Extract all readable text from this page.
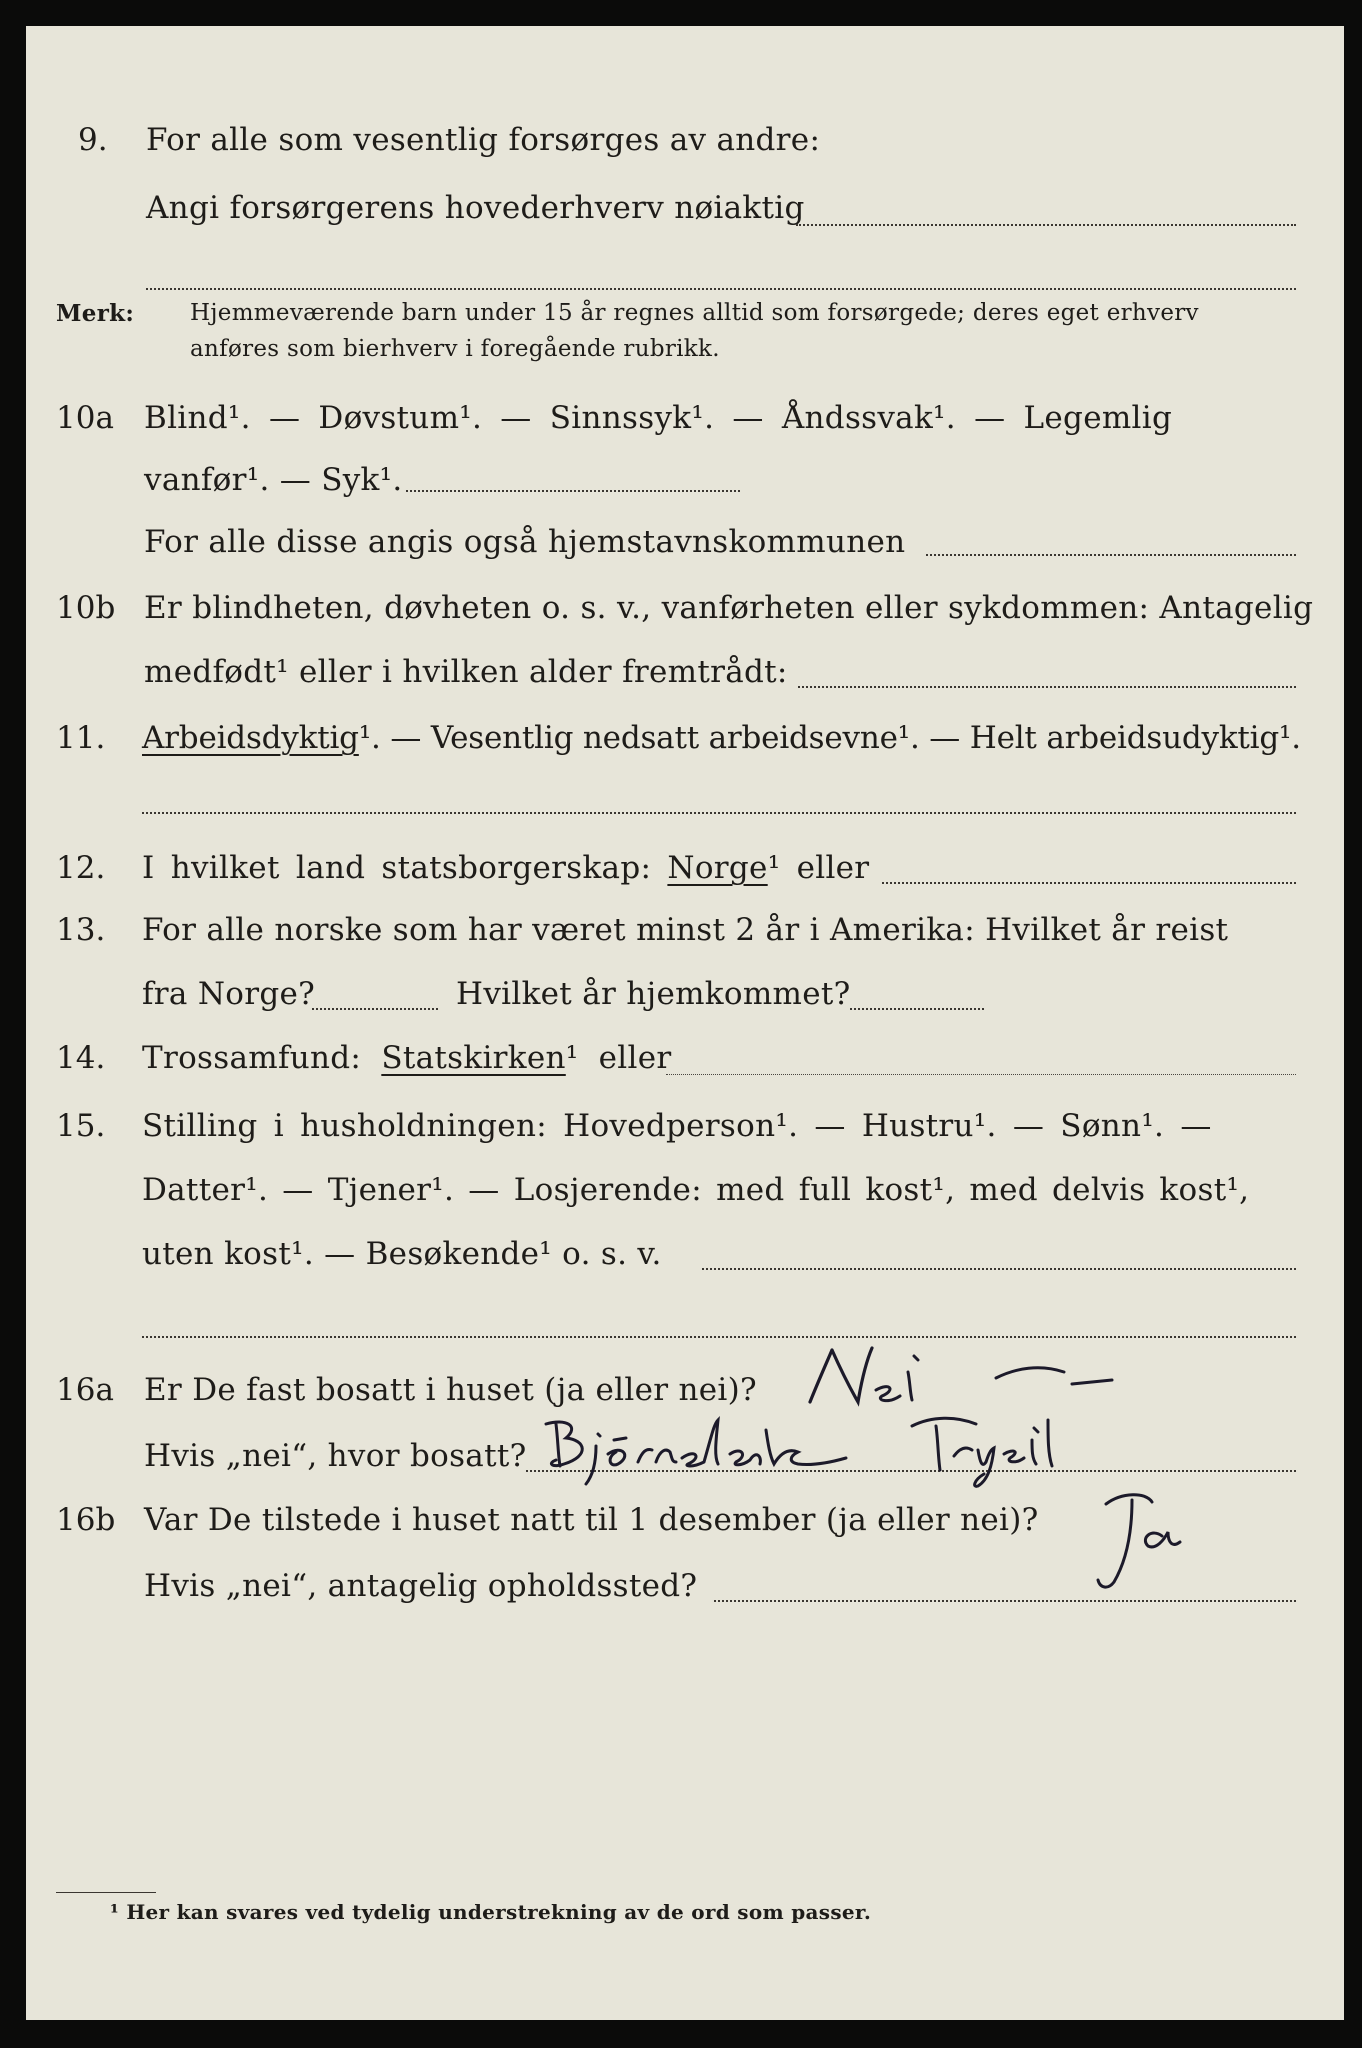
9.	For alle som vesentlig forsørges av andre:
Angi forsørgerens hovederhverv nøiaktig
Merk: Hjemmeværende barn under 15 år regnes alltid som forsørgede; deres eget erhverv
anføres som bierhverv i foregående rubrikk.
10a Blind¹. — Døvstum¹. — Sinnssyk¹. — Åndssvak¹. — Legemlig
vanfør¹. — Syk¹.
For alle disse angis også hjemstavnskommunen
10b Er blindheten, døvheten o. s. v., vanførheten eller sykdommen: Antagelig
medfødt¹ eller i hvilken alder fremtrådt:
11.	Arbeidsdyktig¹. — Vesentlig nedsatt arbeidsevne¹. — Helt arbeidsudyktig¹.
12.	I hvilket land statsborgerskap: Norge¹ eller
13.	For alle norske som har været minst 2 år i Amerika: Hvilket år reist
fra Norge?	Hvilket år hjemkommet?
14.	Trossamfund: Statskirken¹ eller
15.	Stilling i husholdningen: Hovedperson¹. — Hustru¹. — Sønn¹. —
Datter¹. — Tjener¹. — Losjerende: med full kost¹, med delvis kost¹,
uten kost¹. — Besøkende¹ o. s. v.
16a Er De fast bosatt i huset (ja eller nei)?
Hvis „nei“, hvor bosatt?
Nei
Bjørnelsæt Trysil
16b Var De tilstede i huset natt til 1 desember (ja eller nei)?
Hvis „nei“, antagelig opholdssted?
Ja
¹ Her kan svares ved tydelig understrekning av de ord som passer.
